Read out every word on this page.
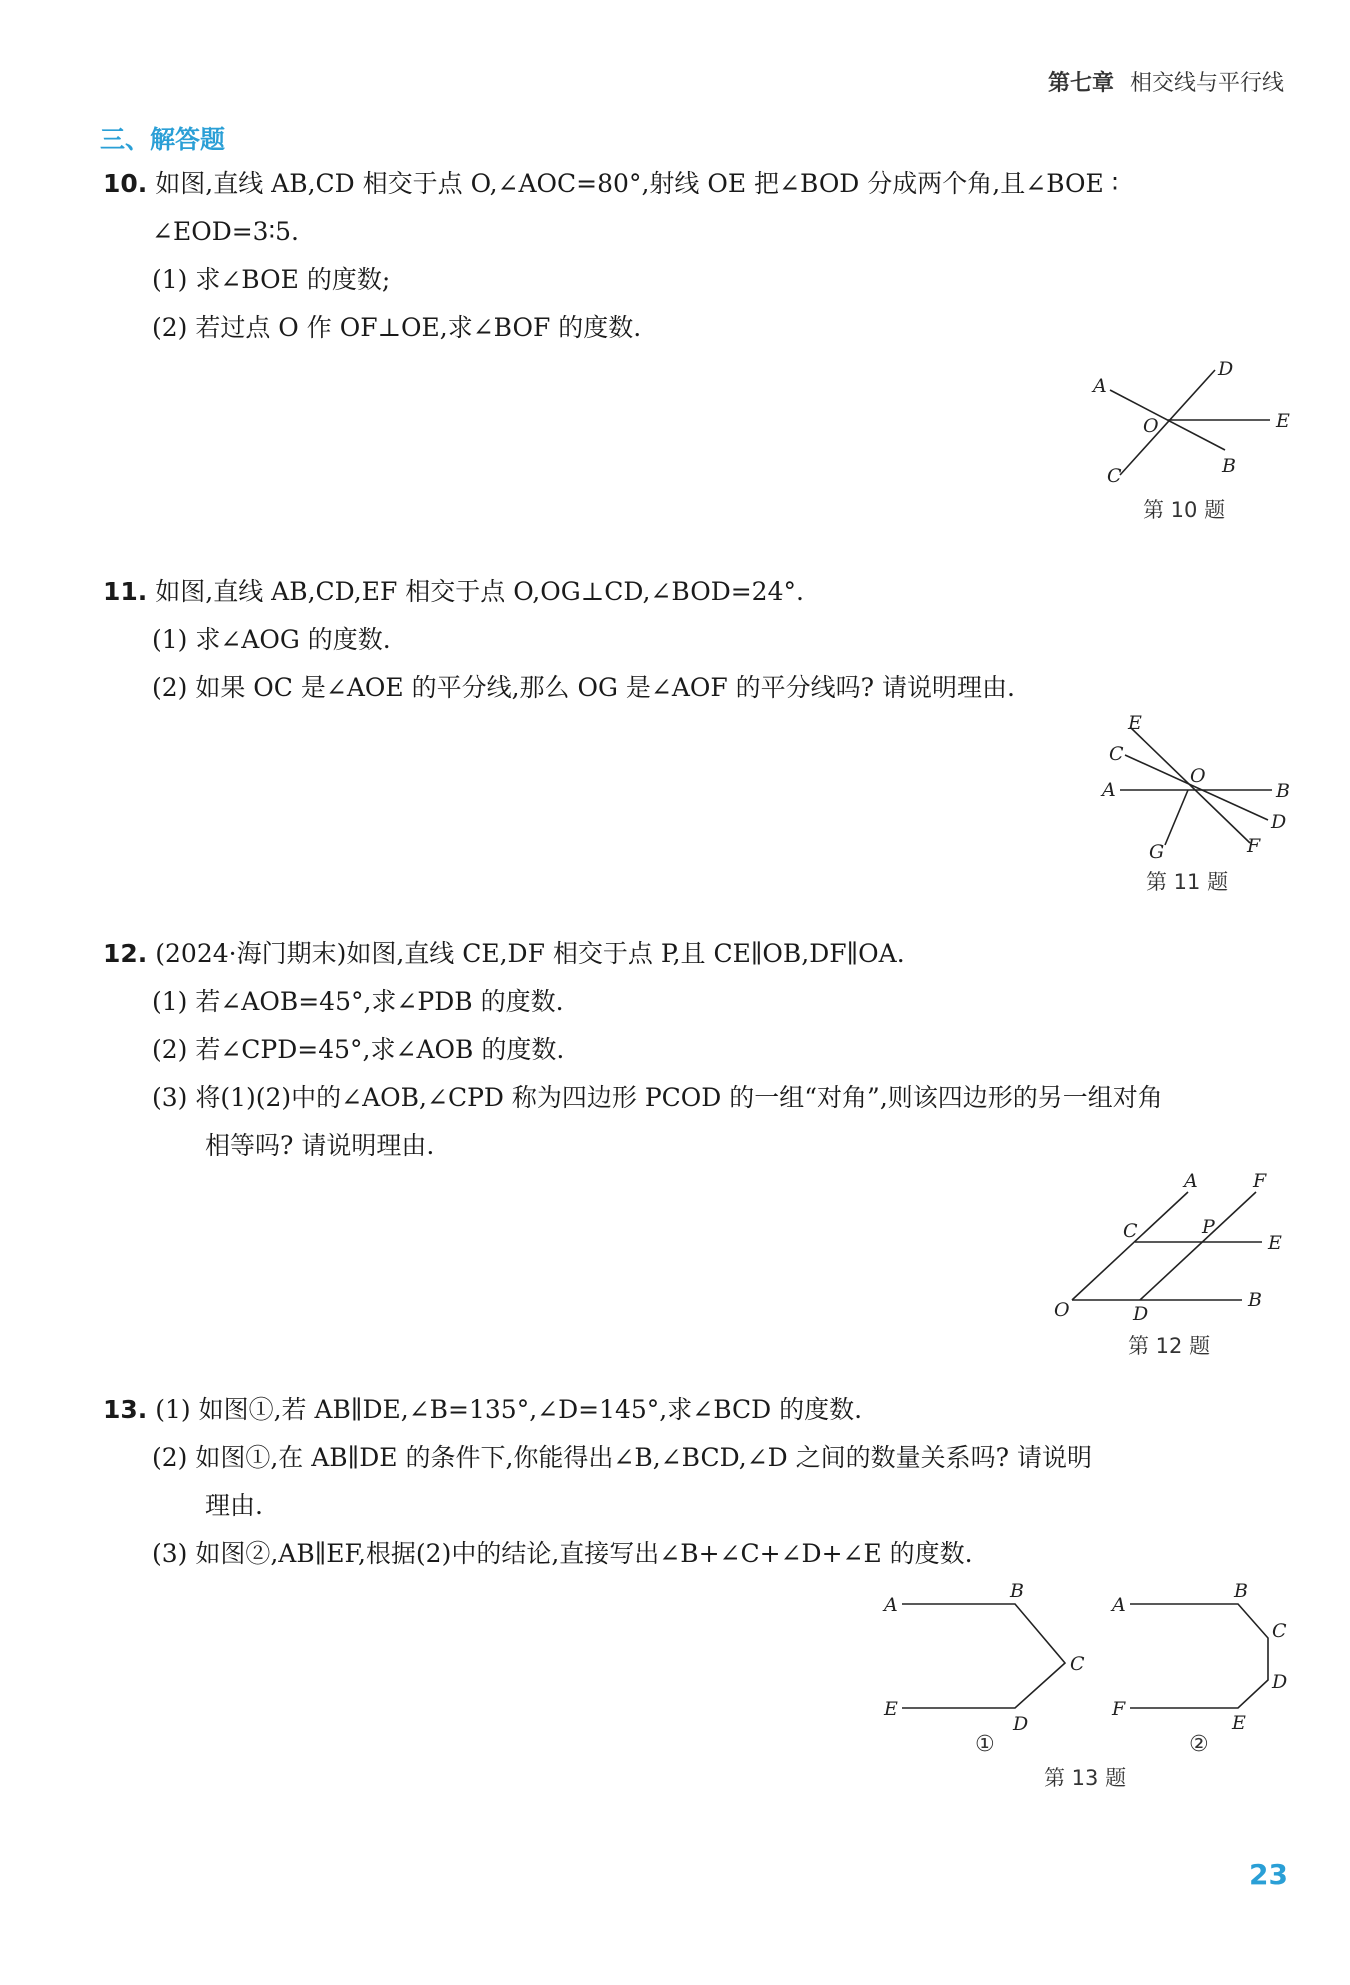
第七章 相交线与平行线
三、解答题
10. 如图,直线 AB,CD 相交于点 O,∠AOC=80°,射线 OE 把∠BOD 分成两个角,且∠BOE ∶
∠EOD=3∶5.
(1) 求∠BOE 的度数;
(2) 若过点 O 作 OF⊥OE,求∠BOF 的度数.
A
D
E
O
C	B
第 10 题
11. 如图,直线 AB,CD,EF 相交于点 O,OG⊥CD,∠BOD=24°.
(1) 求∠AOG 的度数.
(2) 如果 OC 是∠AOE 的平分线,那么 OG 是∠AOF 的平分线吗? 请说明理由.
E
C
A
O
B
D
G	F
第 11 题
12. (2024·海门期末)如图,直线 CE,DF 相交于点 P,且 CE∥OB,DF∥OA.
(1) 若∠AOB=45°,求∠PDB 的度数.
(2) 若∠CPD=45°,求∠AOB 的度数.
(3) 将(1)(2)中的∠AOB,∠CPD 称为四边形 PCOD 的一组“对角”,则该四边形的另一组对角
相等吗? 请说明理由.
A	F
C	P
E
O	D
B
第 12 题
13. (1) 如图①,若 AB∥DE,∠B=135°,∠D=145°,求∠BCD 的度数.
(2) 如图①,在 AB∥DE 的条件下,你能得出∠B,∠BCD,∠D 之间的数量关系吗? 请说明
理由.
(3) 如图②,AB∥EF,根据(2)中的结论,直接写出∠B+∠C+∠D+∠E 的度数.
A
B
C
E
D
①
A
B
C
D
F
E
②
第 13 题
23
